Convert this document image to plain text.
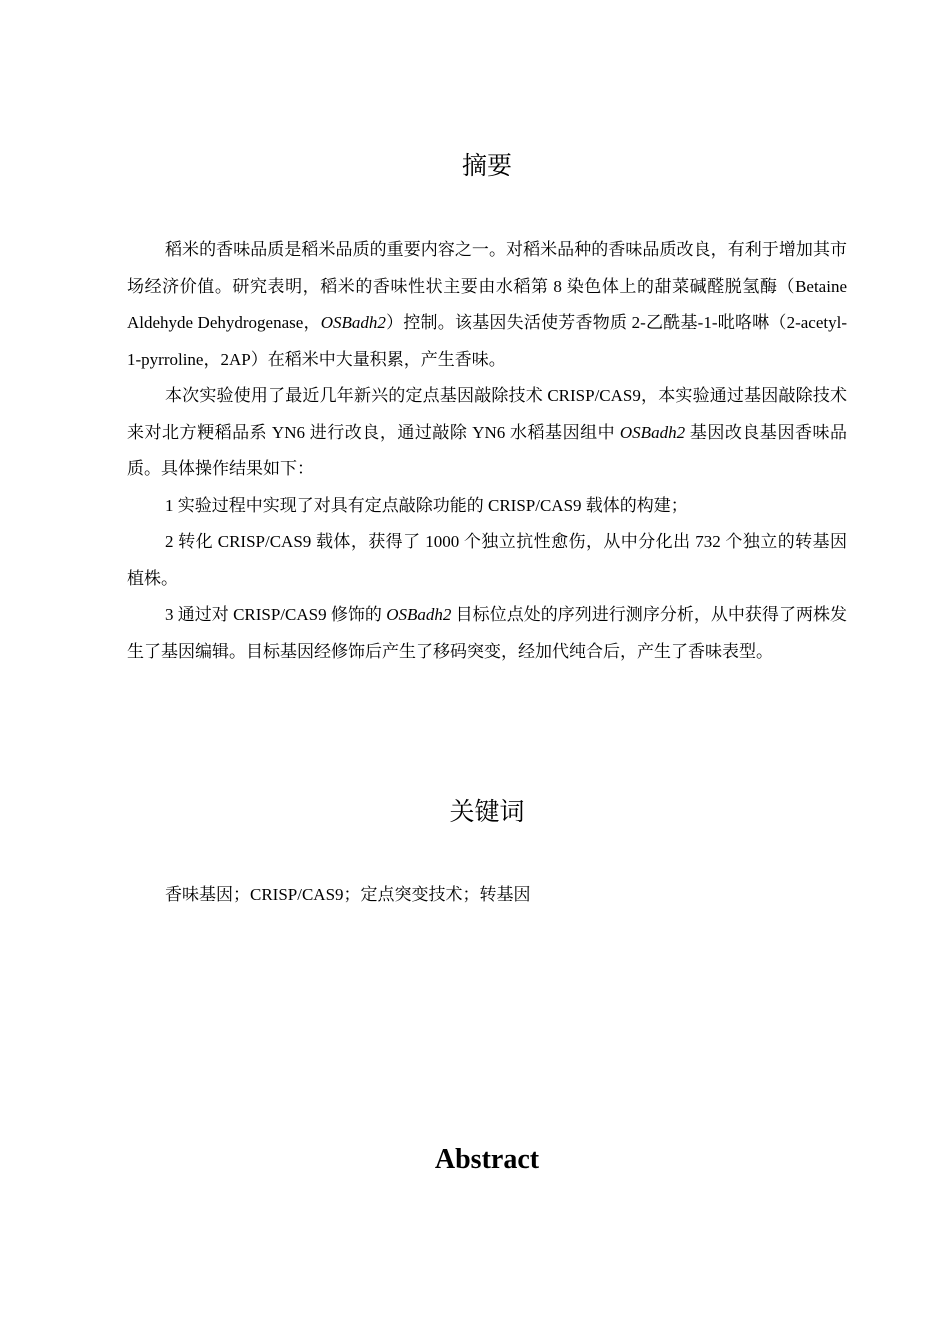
摘要

稻米的香味品质是稻米品质的重要内容之一。对稻米品种的香味品质改良，有利于增加其市场经济价值。研究表明，稻米的香味性状主要由水稻第 8 染色体上的甜菜碱醛脱氢酶（Betaine Aldehyde Dehydrogenase，OSBadh2）控制。该基因失活使芳香物质 2-乙酰基-1-吡咯啉（2-acetyl-1-pyrroline，2AP）在稻米中大量积累，产生香味。

本次实验使用了最近几年新兴的定点基因敲除技术 CRISP/CAS9，本实验通过基因敲除技术来对北方粳稻品系 YN6 进行改良，通过敲除 YN6 水稻基因组中 OSBadh2 基因改良基因香味品质。具体操作结果如下：

1 实验过程中实现了对具有定点敲除功能的 CRISP/CAS9 载体的构建；

2 转化 CRISP/CAS9 载体，获得了 1000 个独立抗性愈伤，从中分化出 732 个独立的转基因植株。

3 通过对 CRISP/CAS9 修饰的 OSBadh2 目标位点处的序列进行测序分析，从中获得了两株发生了基因编辑。目标基因经修饰后产生了移码突变，经加代纯合后，产生了香味表型。

关键词

香味基因；CRISP/CAS9；定点突变技术；转基因

Abstract
